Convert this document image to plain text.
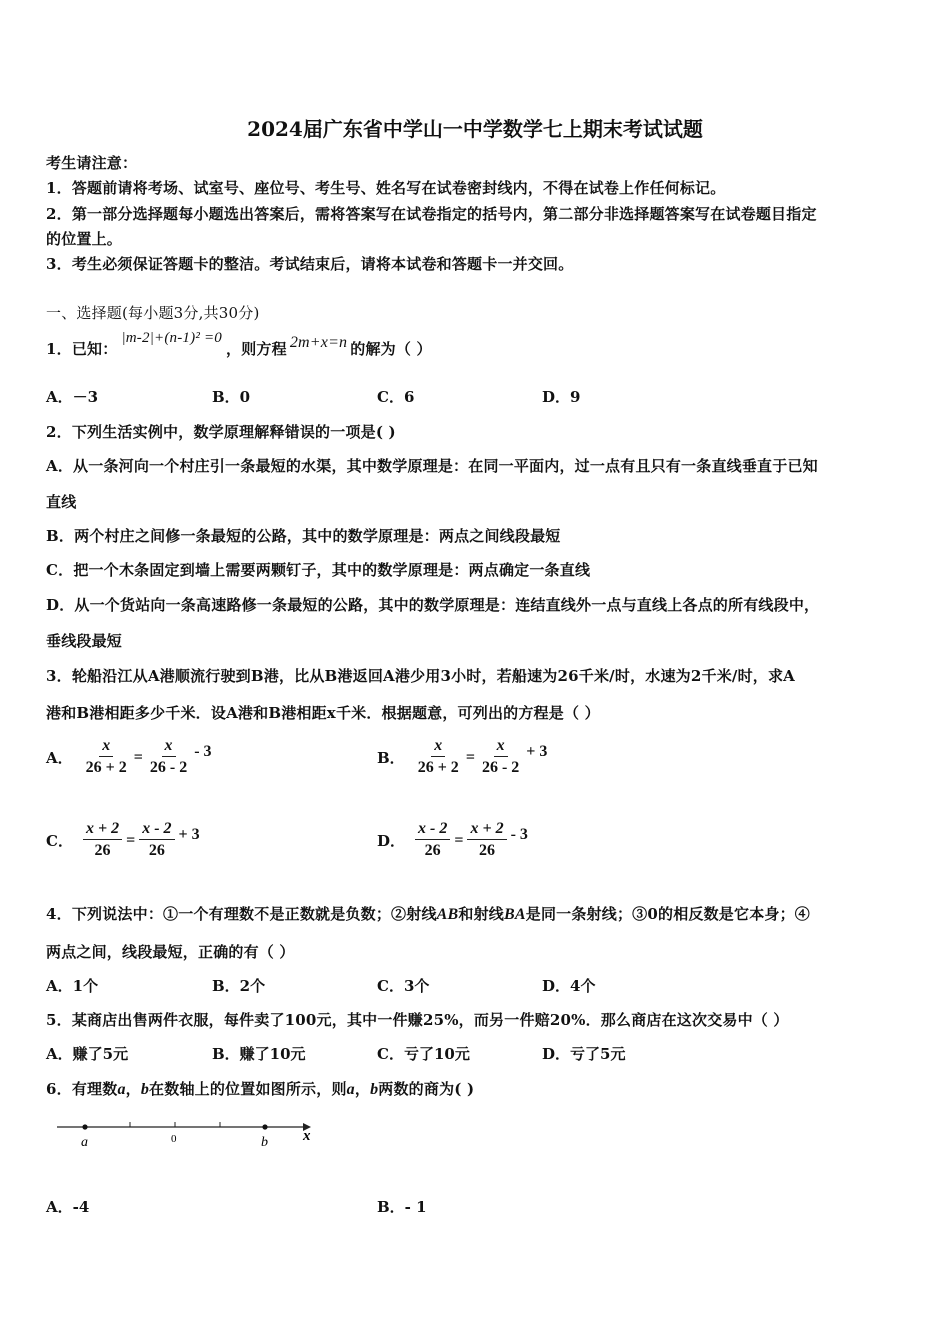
2024届广东省中学山一中学数学七上期末考试试题
考生请注意：
1．答题前请将考场、试室号、座位号、考生号、姓名写在试卷密封线内，不得在试卷上作任何标记。
2．第一部分选择题每小题选出答案后，需将答案写在试卷指定的括号内，第二部分非选择题答案写在试卷题目指定
的位置上。
3．考生必须保证答题卡的整洁。考试结束后，请将本试卷和答题卡一并交回。
一、选择题(每小题3分,共30分)
1．已知：
|m-2|+(n-1)² =0
，则方程 2m+x=n 的解为（ ）
A．－3	B．0	C．6	D．9
2．下列生活实例中，数学原理解释错误的一项是( )
A．从一条河向一个村庄引一条最短的水渠，其中数学原理是：在同一平面内，过一点有且只有一条直线垂直于已知
直线
B．两个村庄之间修一条最短的公路，其中的数学原理是：两点之间线段最短
C．把一个木条固定到墙上需要两颗钉子，其中的数学原理是：两点确定一条直线
D．从一个货站向一条高速路修一条最短的公路，其中的数学原理是：连结直线外一点与直线上各点的所有线段中，
垂线段最短
3．轮船沿江从A港顺流行驶到B港，比从B港返回A港少用3小时，若船速为26千米/时，水速为2千米/时，求A
港和B港相距多少千米．设A港和B港相距x千米．根据题意，可列出的方程是（ ）
A． $\frac{x}{26 + 2} = \frac{x}{26 - 2} - 3$	B． $\frac{x}{26 + 2} = \frac{x}{26 - 2} + 3$
C． $\frac{x + 2}{26} = \frac{x - 2}{26} + 3$	D． $\frac{x - 2}{26} = \frac{x + 2}{26} - 3$
4．下列说法中：①一个有理数不是正数就是负数；②射线AB和射线BA是同一条射线；③0的相反数是它本身；④
两点之间，线段最短，正确的有（ ）
A．1个	B．2个	C．3个	D．4个
5．某商店出售两件衣服，每件卖了100元，其中一件赚25%，而另一件赔20%．那么商店在这次交易中（ ）
A．赚了5元	B．赚了10元	C．亏了10元	D．亏了5元
6．有理数a，b在数轴上的位置如图所示，则a，b两数的商为( )
a	0	b x
A．-4	B．- 1
